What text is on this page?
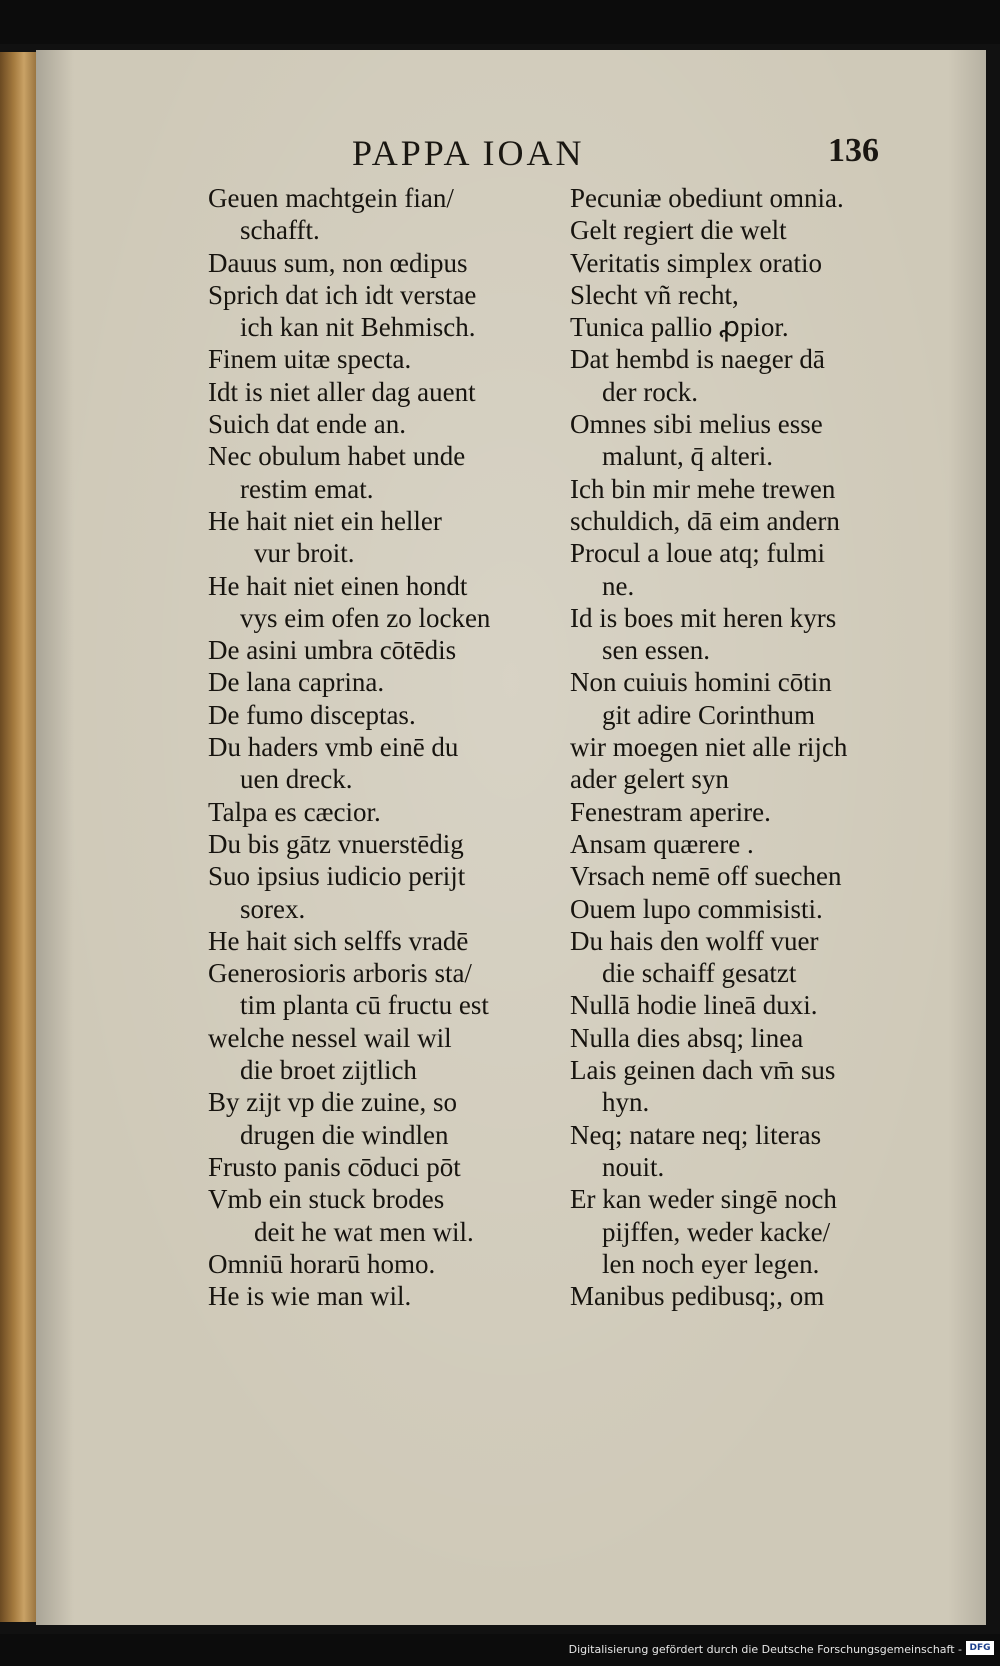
PAPPA IOAN	136
Geuen machtgein fian/
schafft.
Dauus sum, non œdipus
Sprich dat ich idt verstae
ich kan nit Behmisch.
Finem uitæ specta.
Idt is niet aller dag auent
Suich dat ende an.
Nec obulum habet unde
restim emat.
He hait niet ein heller
vur broit.
He hait niet einen hondt
vys eim ofen zo locken
De asini umbra cōtēdis
De lana caprina.
De fumo disceptas.
Du haders vmb einē du
uen dreck.
Talpa es cæcior.
Du bis gātz vnuerstēdig
Suo ipsius iudicio perijt
sorex.
He hait sich selffs vradē
Generosioris arboris sta/
tim planta cū fructu est
welche nessel wail wil
die broet zijtlich
By zijt vp die zuine, so
drugen die windlen
Frusto panis cōduci pōt
Vmb ein stuck brodes
deit he wat men wil.
Omniū horarū homo.
He is wie man wil.
Pecuniæ obediunt omnia.
Gelt regiert die welt
Veritatis simplex oratio
Slecht vñ recht,
Tunica pallio ꝓpior.
Dat hembd is naeger dā
der rock.
Omnes sibi melius esse
malunt, q̄ alteri.
Ich bin mir mehe trewen
schuldich, dā eim andern
Procul a loue atq; fulmi
ne.
Id is boes mit heren kyrs
sen essen.
Non cuiuis homini cōtin
git adire Corinthum
wir moegen niet alle rijch
ader gelert syn
Fenestram aperire.
Ansam quærere .
Vrsach nemē off suechen
Ouem lupo commisisti.
Du hais den wolff vuer
die schaiff gesatzt
Nullā hodie lineā duxi.
Nulla dies absq; linea
Lais geinen dach vm̄ sus
hyn.
Neq; natare neq; literas
nouit.
Er kan weder singē noch
pijffen, weder kacke/
len noch eyer legen.
Manibus pedibusq;, om
Digitalisierung gefördert durch die Deutsche Forschungsgemeinschaft - DFG
